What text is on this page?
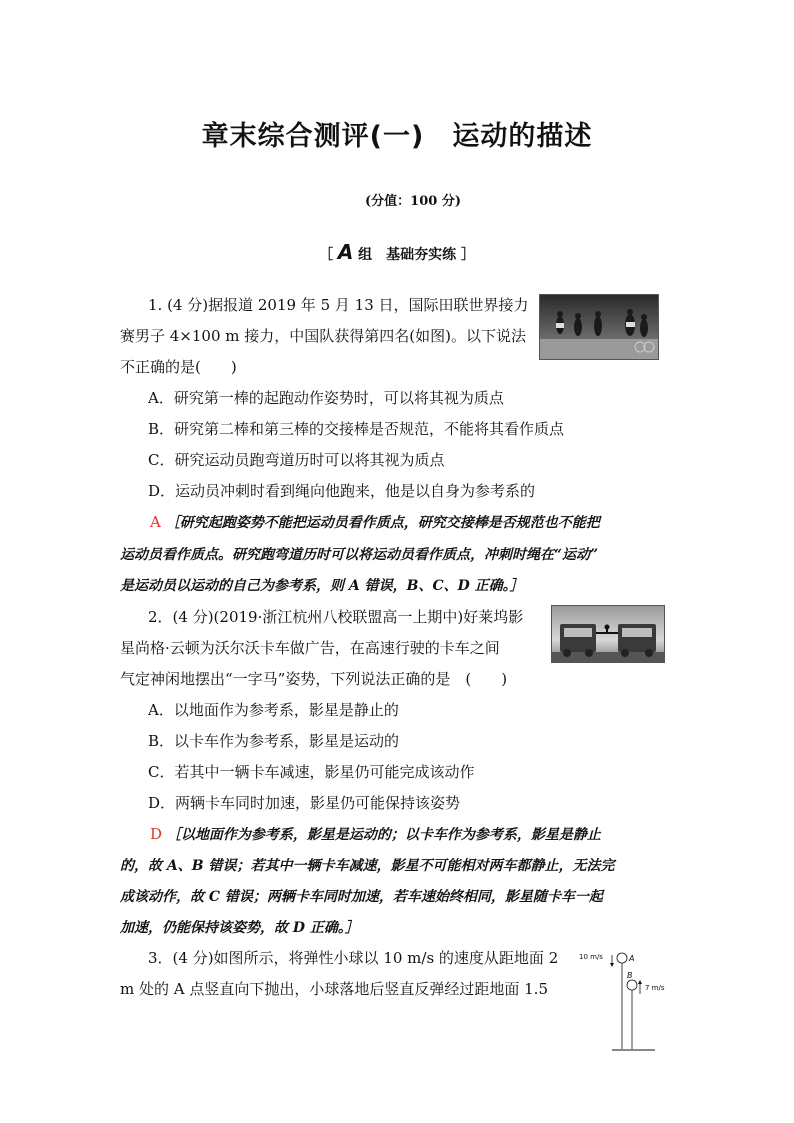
章末综合测评(一)　运动的描述
(分值：100 分)
［ A 组　基础夯实练 ］
1. (4 分)据报道 2019 年 5 月 13 日，国际田联世界接力
赛男子 4×100 m 接力，中国队获得第四名(如图)。以下说法
不正确的是(　　)
A．研究第一棒的起跑动作姿势时，可以将其视为质点
B．研究第二棒和第三棒的交接棒是否规范，不能将其看作质点
C．研究运动员跑弯道历时可以将其视为质点
D．运动员冲刺时看到绳向他跑来，他是以自身为参考系的
A ［研究起跑姿势不能把运动员看作质点，研究交接棒是否规范也不能把
运动员看作质点。研究跑弯道历时可以将运动员看作质点，冲刺时绳在“运动”
是运动员以运动的自己为参考系，则 A 错误，B、C、D 正确。］
2．(4 分)(2019·浙江杭州八校联盟高一上期中)好莱坞影
星尚格·云顿为沃尔沃卡车做广告，在高速行驶的卡车之间
气定神闲地摆出“一字马”姿势，下列说法正确的是　(　　)
A．以地面作为参考系，影星是静止的
B．以卡车作为参考系，影星是运动的
C．若其中一辆卡车减速，影星仍可能完成该动作
D．两辆卡车同时加速，影星仍可能保持该姿势
D ［以地面作为参考系，影星是运动的；以卡车作为参考系，影星是静止
的，故 A、B 错误；若其中一辆卡车减速，影星不可能相对两车都静止，无法完
成该动作，故 C 错误；两辆卡车同时加速，若车速始终相同，影星随卡车一起
加速，仍能保持该姿势，故 D 正确。］
3．(4 分)如图所示，将弹性小球以 10 m/s 的速度从距地面 2
m 处的 A 点竖直向下抛出，小球落地后竖直反弹经过距地面 1.5
10 m/s	A
B
7 m/s
